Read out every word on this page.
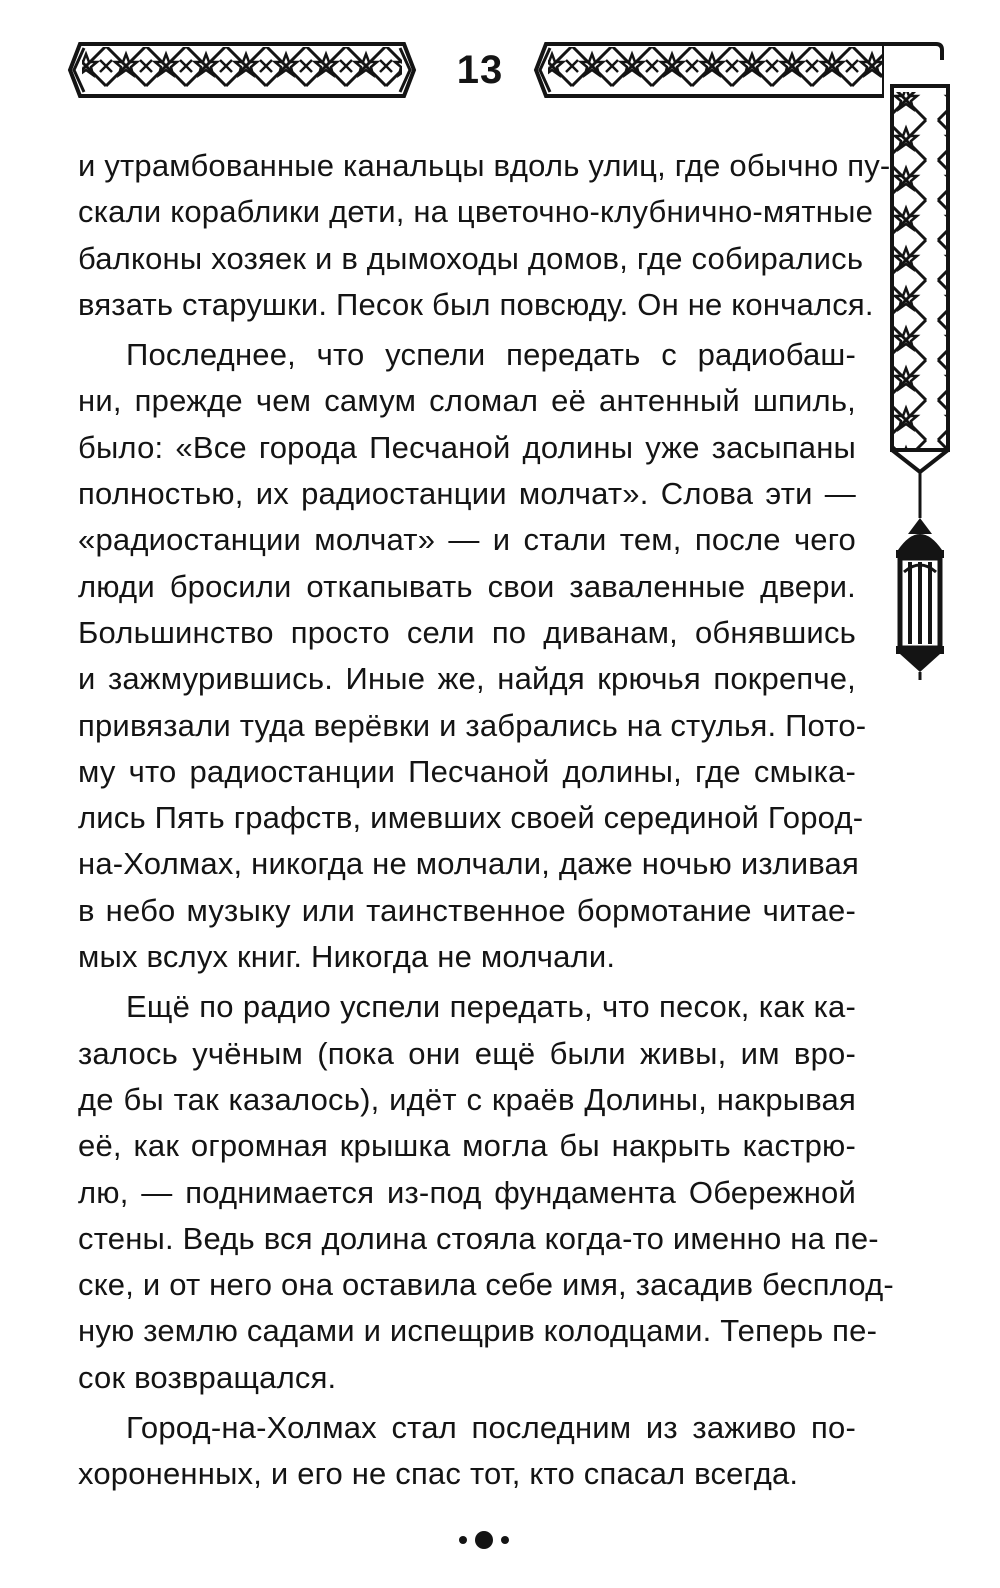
13

и утрамбованные канальцы вдоль улиц, где обычно пу-
скали кораблики дети, на цветочно-клубнично-мятные
балконы хозяек и в дымоходы домов, где собирались
вязать старушки. Песок был повсюду. Он не кончался.

Последнее, что успели передать с радиобаш-
ни, прежде чем самум сломал её антенный шпиль,
было: «Все города Песчаной долины уже засыпаны
полностью, их радиостанции молчат». Слова эти —
«радиостанции молчат» — и стали тем, после чего
люди бросили откапывать свои заваленные двери.
Большинство просто сели по диванам, обнявшись
и зажмурившись. Иные же, найдя крючья покрепче,
привязали туда верёвки и забрались на стулья. Пото-
му что радиостанции Песчаной долины, где смыка-
лись Пять графств, имевших своей серединой Город-
на-Холмах, никогда не молчали, даже ночью изливая
в небо музыку или таинственное бормотание читае-
мых вслух книг. Никогда не молчали.

Ещё по радио успели передать, что песок, как ка-
залось учёным (пока они ещё были живы, им вро-
де бы так казалось), идёт с краёв Долины, накрывая
её, как огромная крышка могла бы накрыть кастрю-
лю, — поднимается из-под фундамента Обережной
стены. Ведь вся долина стояла когда-то именно на пе-
ске, и от него она оставила себе имя, засадив бесплод-
ную землю садами и испещрив колодцами. Теперь пе-
сок возвращался.

Город-на-Холмах стал последним из заживо по-
хороненных, и его не спас тот, кто спасал всегда.
